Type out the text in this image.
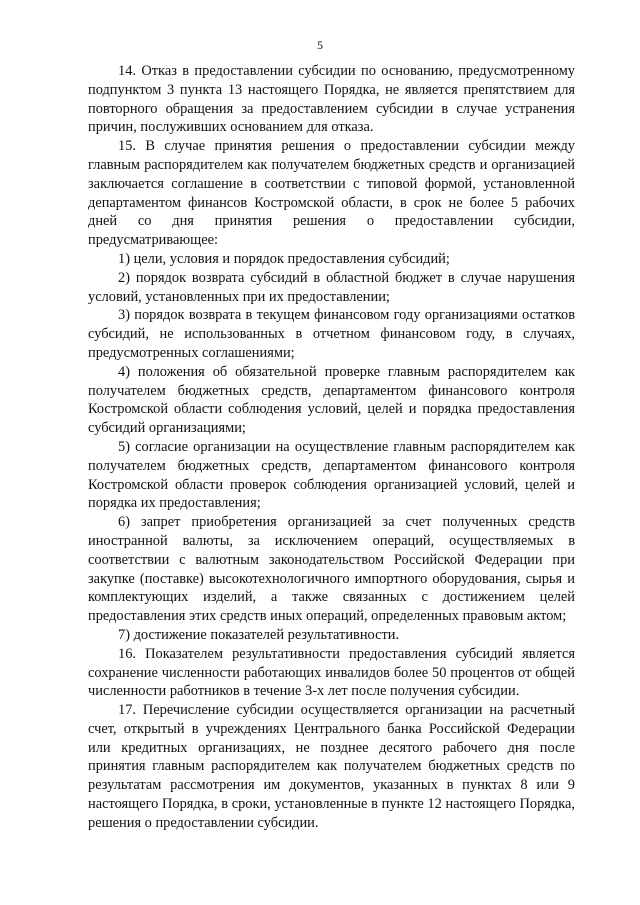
5

14. Отказ в предоставлении субсидии по основанию, предусмотренному подпунктом 3 пункта 13 настоящего Порядка, не является препятствием для повторного обращения за предоставлением субсидии в случае устранения причин, послуживших основанием для отказа.

15. В случае принятия решения о предоставлении субсидии между главным распорядителем как получателем бюджетных средств и организацией заключается соглашение в соответствии с типовой формой, установленной департаментом финансов Костромской области, в срок не более 5 рабочих дней со дня принятия решения о предоставлении субсидии, предусматривающее:

1) цели, условия и порядок предоставления субсидий;

2) порядок возврата субсидий в областной бюджет в случае нарушения условий, установленных при их предоставлении;

3) порядок возврата в текущем финансовом году организациями остатков субсидий, не использованных в отчетном финансовом году, в случаях, предусмотренных соглашениями;

4) положения об обязательной проверке главным распорядителем как получателем бюджетных средств, департаментом финансового контроля Костромской области соблюдения условий, целей и порядка предоставления субсидий организациями;

5) согласие организации на осуществление главным распорядителем как получателем бюджетных средств, департаментом финансового контроля Костромской области проверок соблюдения организацией условий, целей и порядка их предоставления;

6) запрет приобретения организацией за счет полученных средств иностранной валюты, за исключением операций, осуществляемых в соответствии с валютным законодательством Российской Федерации при закупке (поставке) высокотехнологичного импортного оборудования, сырья и комплектующих изделий, а также связанных с достижением целей предоставления этих средств иных операций, определенных правовым актом;

7) достижение показателей результативности.

16. Показателем результативности предоставления субсидий является сохранение численности работающих инвалидов более 50 процентов от общей численности работников в течение 3-х лет после получения субсидии.

17. Перечисление субсидии осуществляется организации на расчетный счет, открытый в учреждениях Центрального банка Российской Федерации или кредитных организациях, не позднее десятого рабочего дня после принятия главным распорядителем как получателем бюджетных средств по результатам рассмотрения им документов, указанных в пунктах 8 или 9 настоящего Порядка, в сроки, установленные в пункте 12 настоящего Порядка, решения о предоставлении субсидии.
